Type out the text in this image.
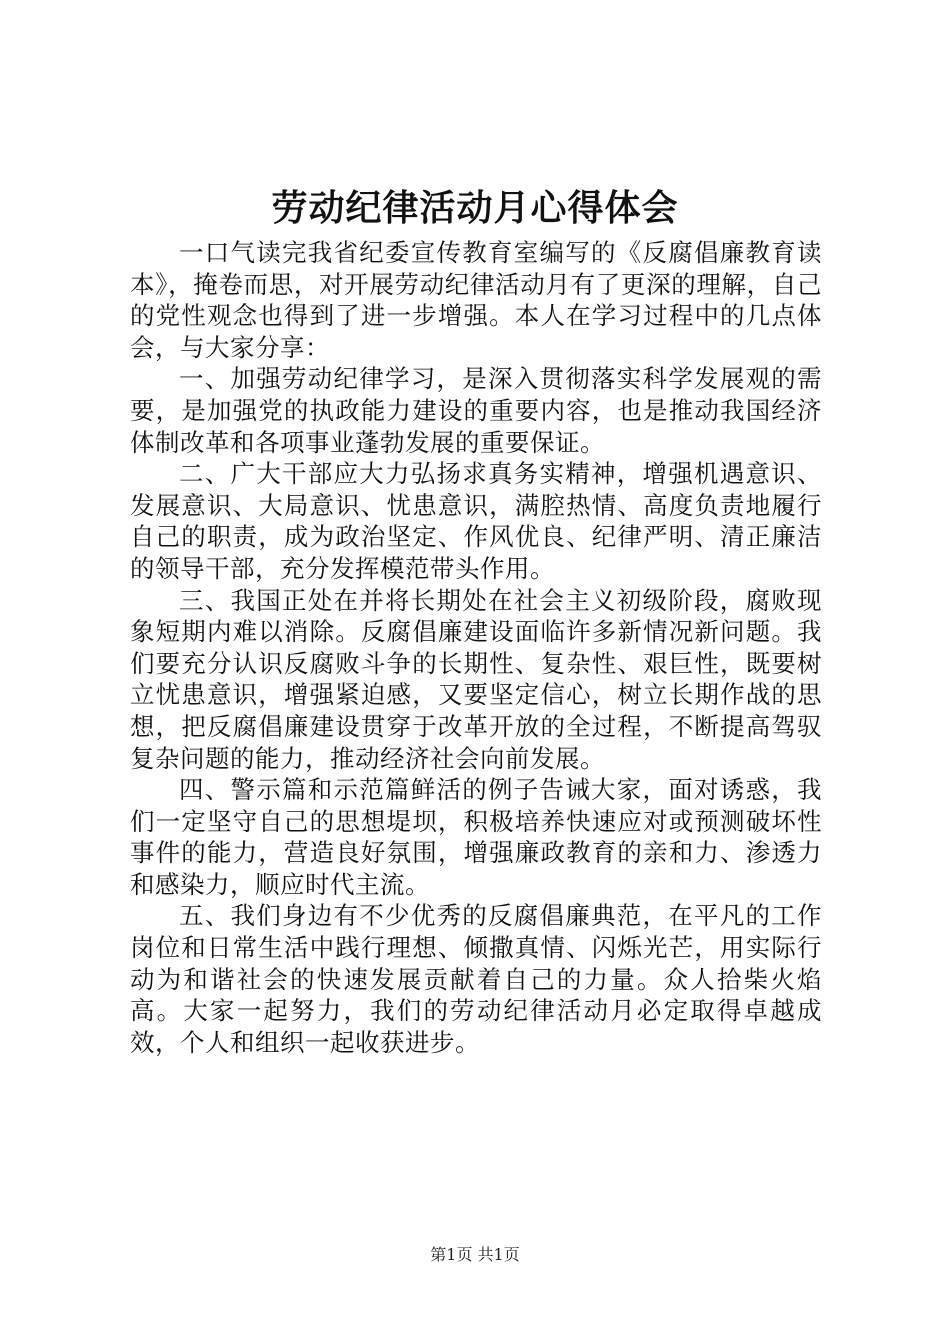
劳动纪律活动月心得体会

一口气读完我省纪委宣传教育室编写的《反腐倡廉教育读本》，掩卷而思，对开展劳动纪律活动月有了更深的理解，自己的党性观念也得到了进一步增强。本人在学习过程中的几点体会，与大家分享：

一、加强劳动纪律学习，是深入贯彻落实科学发展观的需要，是加强党的执政能力建设的重要内容，也是推动我国经济体制改革和各项事业蓬勃发展的重要保证。

二、广大干部应大力弘扬求真务实精神，增强机遇意识、发展意识、大局意识、忧患意识，满腔热情、高度负责地履行自己的职责，成为政治坚定、作风优良、纪律严明、清正廉洁的领导干部，充分发挥模范带头作用。

三、我国正处在并将长期处在社会主义初级阶段，腐败现象短期内难以消除。反腐倡廉建设面临许多新情况新问题。我们要充分认识反腐败斗争的长期性、复杂性、艰巨性，既要树立忧患意识，增强紧迫感，又要坚定信心，树立长期作战的思想，把反腐倡廉建设贯穿于改革开放的全过程，不断提高驾驭复杂问题的能力，推动经济社会向前发展。

四、警示篇和示范篇鲜活的例子告诫大家，面对诱惑，我们一定坚守自己的思想堤坝，积极培养快速应对或预测破坏性事件的能力，营造良好氛围，增强廉政教育的亲和力、渗透力和感染力，顺应时代主流。

五、我们身边有不少优秀的反腐倡廉典范，在平凡的工作岗位和日常生活中践行理想、倾撒真情、闪烁光芒，用实际行动为和谐社会的快速发展贡献着自己的力量。众人拾柴火焰高。大家一起努力，我们的劳动纪律活动月必定取得卓越成效，个人和组织一起收获进步。

第1页 共1页
